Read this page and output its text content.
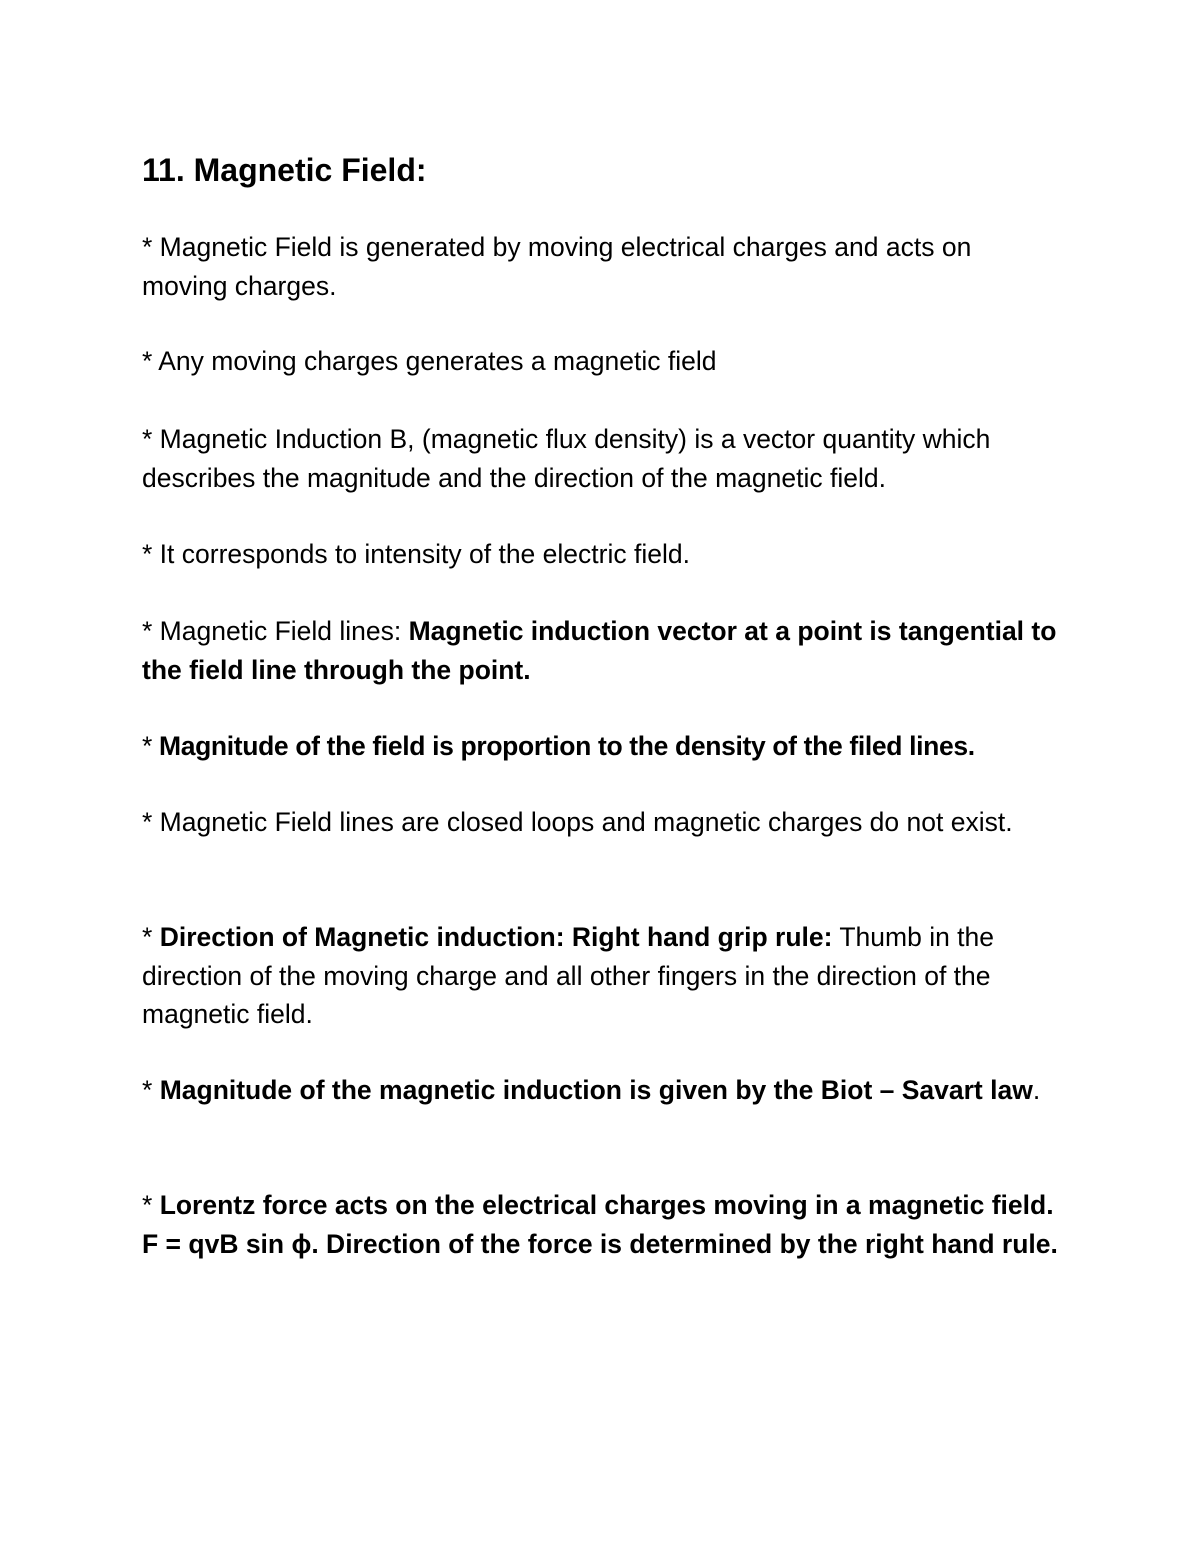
11. Magnetic Field:

* Magnetic Field is generated by moving electrical charges and acts on moving charges.

* Any moving charges generates a magnetic field

* Magnetic Induction B, (magnetic flux density) is a vector quantity which describes the magnitude and the direction of the magnetic field.

* It corresponds to intensity of the electric field.

* Magnetic Field lines: Magnetic induction vector at a point is tangential to the field line through the point.

* Magnitude of the field is proportion to the density of the filed lines.

* Magnetic Field lines are closed loops and magnetic charges do not exist.

* Direction of Magnetic induction: Right hand grip rule: Thumb in the direction of the moving charge and all other fingers in the direction of the magnetic field.

* Magnitude of the magnetic induction is given by the Biot – Savart law.

* Lorentz force acts on the electrical charges moving in a magnetic field. F = qvB sin ϕ. Direction of the force is determined by the right hand rule.
